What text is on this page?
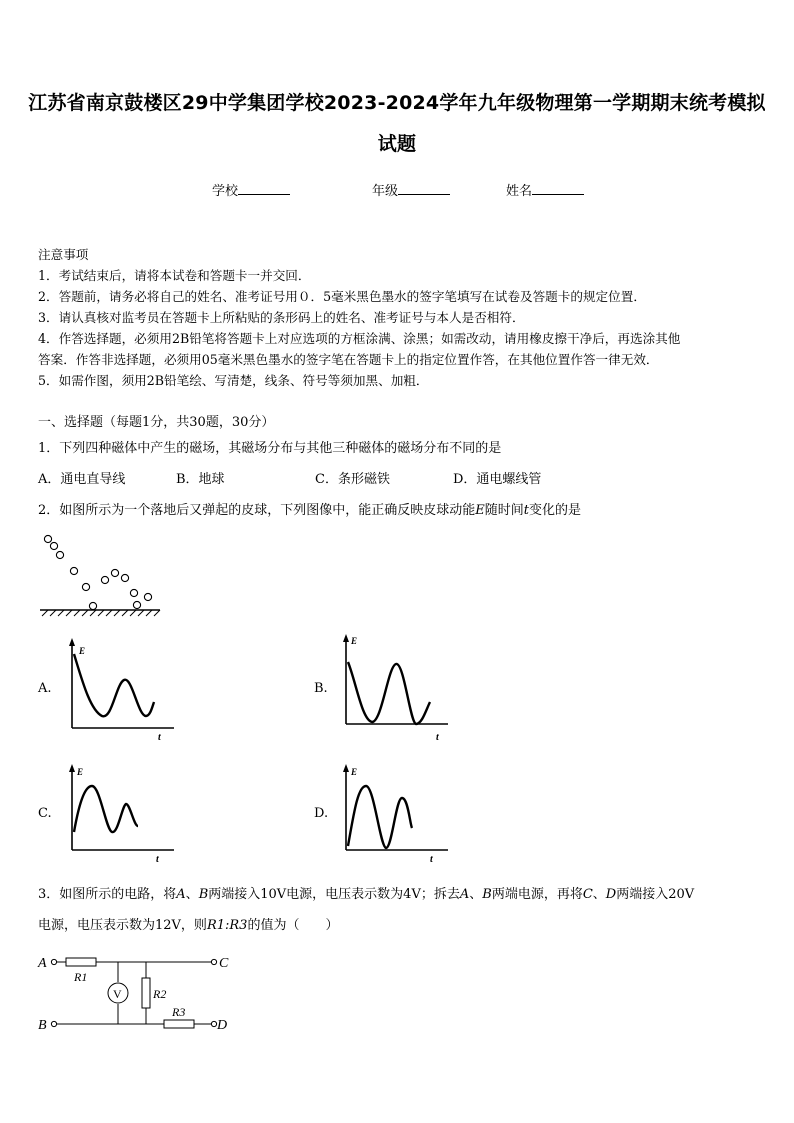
江苏省南京鼓楼区29中学集团学校2023-2024学年九年级物理第一学期期末统考模拟
试题
学校	年级	姓名
注意事项
1．考试结束后，请将本试卷和答题卡一并交回．
2．答题前，请务必将自己的姓名、准考证号用０．5毫米黑色墨水的签字笔填写在试卷及答题卡的规定位置．
3．请认真核对监考员在答题卡上所粘贴的条形码上的姓名、准考证号与本人是否相符．
4．作答选择题，必须用2B铅笔将答题卡上对应选项的方框涂满、涂黑；如需改动，请用橡皮擦干净后，再选涂其他
答案．作答非选择题，必须用05毫米黑色墨水的签字笔在答题卡上的指定位置作答，在其他位置作答一律无效．
5．如需作图，须用2B铅笔绘、写清楚，线条、符号等须加黑、加粗．
一、选择题（每题1分，共30题，30分）
1．下列四种磁体中产生的磁场，其磁场分布与其他三种磁体的磁场分布不同的是
A．通电直导线	B．地球	C．条形磁铁	D．通电螺线管
2．如图所示为一个落地后又弹起的皮球，下列图像中，能正确反映皮球动能E随时间t变化的是
A.	B.
C.	D.
E
t
E
t
E
t
E
t
3．如图所示的电路，将A、B两端接入10V电源，电压表示数为4V；拆去A、B两端电源，再将C、D两端接入20V
电源，电压表示数为12V，则R1:R3的值为（　　）
A
B
C
D
V
R1
R2
R3
